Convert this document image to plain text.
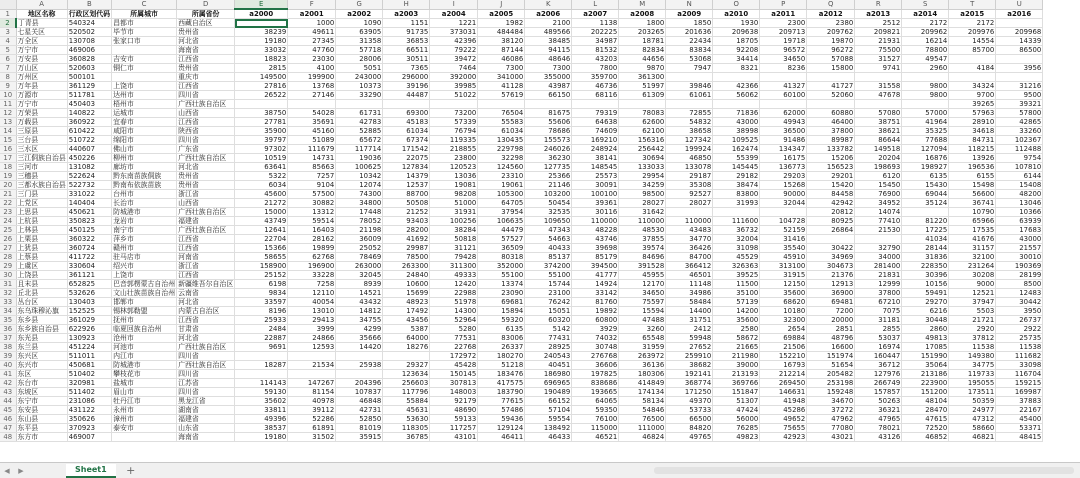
	A	B	C	D	E	F	G	H	I	J	K	L	M	N	O	P	Q	R	S	T	U
1	地区名称	行政区划代码	所属城市	所属省份	a2000	a2001	a2002	a2003	a2004	a2005	a2006	a2007	a2008	a2009	a2010	a2011	a2012	a2013	a2014	a2015	a2016
2	丁青县	540324	昌都市	西藏自治区		1000	1090	1151	1221	1982	2100	1138	1800	1850	1930	2300	2380	2512	2172	2172	
3	七星关区	520502	毕节市	贵州省	38239	49611	63905	91735	373031	484484	489566	202225	203265	201636	209638	209713	209762	209821	209962	209976	209968
4	万全区	130708	张家口市	河北省	19180	27345	31358	36853	42396	38120	38485	34987	18781	22434	18705	19718	19870	21931	16214	14554	14339
5	万宁市	469006		海南省	33032	47760	57718	66511	79222	87144	94115	81532	82834	83834	92208	96572	96272	75500	78800	85700	86500
6	万安县	360828	吉安市	江西省	18823	23030	28006	30511	39472	46086	48646	43203	44656	53068	34414	34650	57088	31527	49547		
7	万山区	520603	铜仁市	贵州省	2815	4100	5051	7365	7464	7300	7300	7800	9870	7947	8321	8236	15800	9741	2960	4184	3956
8	万州区	500101		重庆市	149500	199900	243000	296000	392000	341000	355000	359700	361300								
9	万年县	361129	上饶市	江西省	27816	13768	10373	39196	39985	41128	43987	46736	51997	39846	42366	41327	41727	31558	9800	34324	31216
10	万源市	511781	达州市	四川省	26522	27146	33290	44487	51022	57619	66150	68116	61309	61061	56062	60100	52060	47678	9800	9700	9500
11	万宁市	450403	梧州市	广西壮族自治区																39265	39321
12	万荣县	140822	运城市	山西省	38750	54028	61731	69300	73200	76504	81675	79319	78083	72855	71836	62000	60880	57080	57000	57963	57800
13	万载县	360922	宜春市	江西省	27781	35691	42783	45183	57339	55583	55606	64638	62600	54832	43000	49943	46400	38751	41964	28910	42865
14	三原县	610422	咸阳市	陕西省	35900	45160	52885	61034	76794	61034	78686	74609	62100	38658	38998	36500	37800	38621	35325	34618	33260
15	三台县	510722	绵阳市	四川省	39797	51089	65672	67374	119335	130435	155573	169210	156316	127342	109525	91486	89987	86644	77688	84731	102367
16	三水区	440607	佛山市	广东省	97302	111679	117714	171542	218855	229798	246026	248924	256442	199924	162474	134347	133782	149518	127094	118215	112488
17	三江侗族自治县	450226	柳州市	广西壮族自治区	10519	14731	19036	22075	23800	32298	36230	38141	30694	46850	55399	16175	15206	20204	16876	13926	9754
18	三河市	131082	廊坊市	河北省	63641	85663	100625	127834	120523	124560	127735	148545	133033	133078	145445	136773	156523	198693	198927	196536	107810
19	三穗县	522624	黔东南苗族侗族	贵州省	5322	7257	10342	14379	13036	23310	25366	25573	29954	29187	29182	29203	29201	6120	6135	6155	6144
20	三都水族自治县	522732	黔南布依族苗族	贵州省	6034	9104	12074	12537	19081	19061	21146	30091	34259	35308	38474	15268	15420	15450	15430	15498	15408
21	三门县	331022	台州市	浙江省	45600	57500	74300	88700	98208	105300	103200	100100	98500	92527	83800	90000	84458	76900	69044	56600	48200
22	上党区	140404	长治市	山西省	21272	30882	34800	50508	51000	64705	50454	39361	28027	28027	31993	32044	42942	34952	35124	36741	13046
23	上思县	450621	防城港市	广西壮族自治区	15000	13312	17448	21252	31931	37954	32535	30116	31642				20812	14074		10790	10366
24	上杭县	350823	龙岩市	福建省	43749	59514	78052	93403	100256	106635	109650	110000	110000	110000	111600	104728	80925	77410	81220	65966	63939
25	上林县	450125	南宁市	广西壮族自治区	12641	16403	21198	28200	38284	44479	47343	48228	48530	43483	36732	52159	26864	21530	17225	17535	17683
26	上栗县	360322	萍乡市	江西省	22704	28162	36009	41692	50818	57527	54663	43746	37855	34770	32004	31416			41034	41676	43000
27	上犹县	360724	赣州市	江西省	15366	19899	25052	29987	31121	36509	40433	39698	39574	36426	31098	35540	30422	32790	28144	31157	21557
28	上蔡县	411722	驻马店市	河南省	58655	62768	78469	78500	79428	80318	85137	85179	84696	84700	45529	45910	34969	34000	31836	32100	30010
29	上虞区	330604	绍兴市	浙江省	158900	196900	263000	263300	311300	352000	374200	394500	391528	366412	326363	313100	304673	281400	228350	231264	190369
30	上饶县	361121	上饶市	江西省	25152	33228	32045	24840	49333	55100	55100	41777	45955	46501	39525	31915	21376	21831	30396	30208	28199
31	且末县	652825	巴音郭楞蒙古自治州	新疆维吾尔自治区	6198	7258	8939	10600	12420	13374	15744	14924	12170	11148	11500	12150	12913	12999	10156	9000	8500
32	丘北县	532626	文山壮族苗族自治州	云南省	9834	12110	14521	15699	22988	23090	23100	33142	34650	34986	35100	35600	36900	37800	59491	12521	12483
33	丛台区	130403	邯郸市	河北省	33597	40054	43432	48923	51978	69681	76242	81760	75597	58484	57139	68620	69481	67210	29270	37947	30442
34	东乌珠穆沁旗	152525	锡林郭勒盟	内蒙古自治区	8196	13010	14812	17492	14300	15894	15051	19892	15594	14400	14200	10180	7200	7075	6216	5503	3950
35	东乡县	361029	抚州市	江西省	25933	29413	34755	43456	52964	59320	60320	60800	47488	31751	35600	32300	20000	31181	30448	21721	26737
36	东乡族自治县	622926	临夏回族自治州	甘肃省	2484	3999	4299	5387	5280	6135	5142	3929	3260	2412	2580	2654	2851	2855	2860	2920	2922
37	东光县	130923	沧州市	河北省	22887	24866	35666	64000	77531	83006	77431	74032	65548	59948	58672	69884	48796	53037	49813	37812	25735
38	东兰县	451224	河池市	广西壮族自治区	9691	12593	14420	18276	22768	26337	28925	30748	31959	27652	21665	21506	16600	16974	17085	11538	11538
39	东兴区	511011	内江市	四川省					172972	180270	240543	276768	263972	259910	211980	152210	151974	160447	151990	149380	111682
40	东兴市	450681	防城港市	广西壮族自治区	18287	21534	25938	29327	45428	51218	40451	36606	36136	38682	39000	16793	51654	36712	35064	34775	33098
41	东区	510402	攀枝花市	四川省				123634	150145	183476	186980	197825	180306	192141	213193	212214	205482	127976	213186	119733	116704
42	东台市	320981	盐城市	江苏省	114143	147267	204396	256603	307813	417575	696965	838686	414849	368774	369766	269450	253198	266749	223900	195055	159215
43	东坡区	511402	眉山市	四川省	59130	81154	107837	117796	148003	183790	190489	193665	174134	171250	151847	146631	159248	157857	151200	173511	169987
44	东宁市	231086	牡丹江市	黑龙江省	35602	40978	46848	55884	92179	77615	66152	64065	58134	49370	51307	41948	34670	50263	48104	50359	37883
45	东安县	431122	永州市	湖南省	33811	39112	42731	45631	48690	57486	57104	59350	54846	53733	47424	45286	37272	36321	28470	24977	22167
46	东山县	350626	漳州市	福建省	49396	52286	52850	53630	59133	59436	59554	76100	76500	66500	56000	49652	47962	47965	47615	47312	45400
47	东平县	370923	泰安市	山东省	38537	61891	81019	118305	117257	129124	138492	115000	111000	84820	76285	75655	77080	78021	72520	58660	53371
48	东方市	469007		海南省	19180	31502	35915	36785	43101	46411	46433	46521	46824	49765	49823	42923	43021	43126	46852	46821	48415
◀	▶	Sheet1	+
